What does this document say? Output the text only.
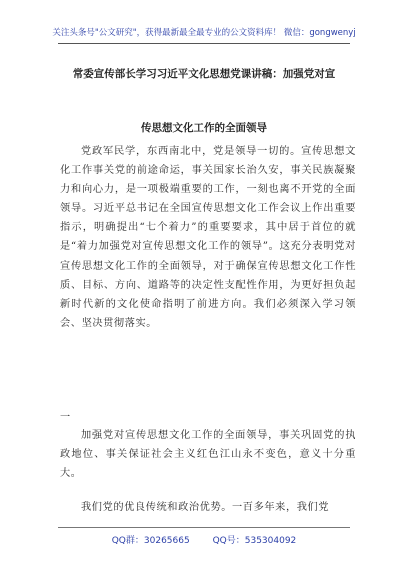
关注头条号"公文研究"，获得最新最全最专业的公文资料库！ 微信：gongwenyj
常委宣传部长学习习近平文化思想党课讲稿：加强党对宣
传思想文化工作的全面领导

党政军民学，东西南北中，党是领导一切的。宣传思想文化工作事关党的前途命运，事关国家长治久安，事关民族凝聚力和向心力，是一项极端重要的工作，一刻也离不开党的全面领导。习近平总书记在全国宣传思想文化工作会议上作出重要指示，明确提出“七个着力”的重要要求，其中居于首位的就是“着力加强党对宣传思想文化工作的领导”。这充分表明党对宣传思想文化工作的全面领导，对于确保宣传思想文化工作性质、目标、方向、道路等的决定性支配性作用，为更好担负起新时代新的文化使命指明了前进方向。我们必须深入学习领会、坚决贯彻落实。

一

加强党对宣传思想文化工作的全面领导，事关巩固党的执政地位、事关保证社会主义红色江山永不变色，意义十分重大。

我们党的优良传统和政治优势。一百多年来，我们党

QQ群：30265665	QQ号：535304092
